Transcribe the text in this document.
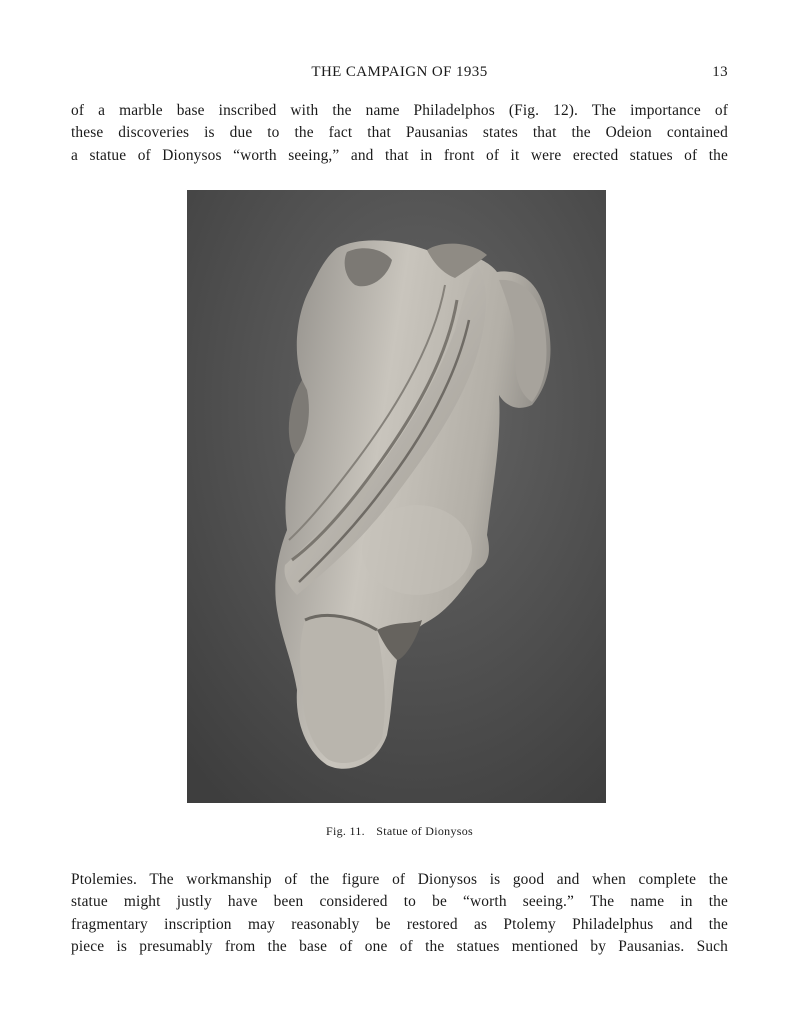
THE CAMPAIGN OF 1935	13
of a marble base inscribed with the name Philadelphos (Fig. 12). The importance of
these discoveries is due to the fact that Pausanias states that the Odeion contained
a statue of Dionysos “worth seeing,” and that in front of it were erected statues of the
Fig. 11. Statue of Dionysos
Ptolemies. The workmanship of the figure of Dionysos is good and when complete the
statue might justly have been considered to be “worth seeing.” The name in the
fragmentary inscription may reasonably be restored as Ptolemy Philadelphus and the
piece is presumably from the base of one of the statues mentioned by Pausanias. Such
